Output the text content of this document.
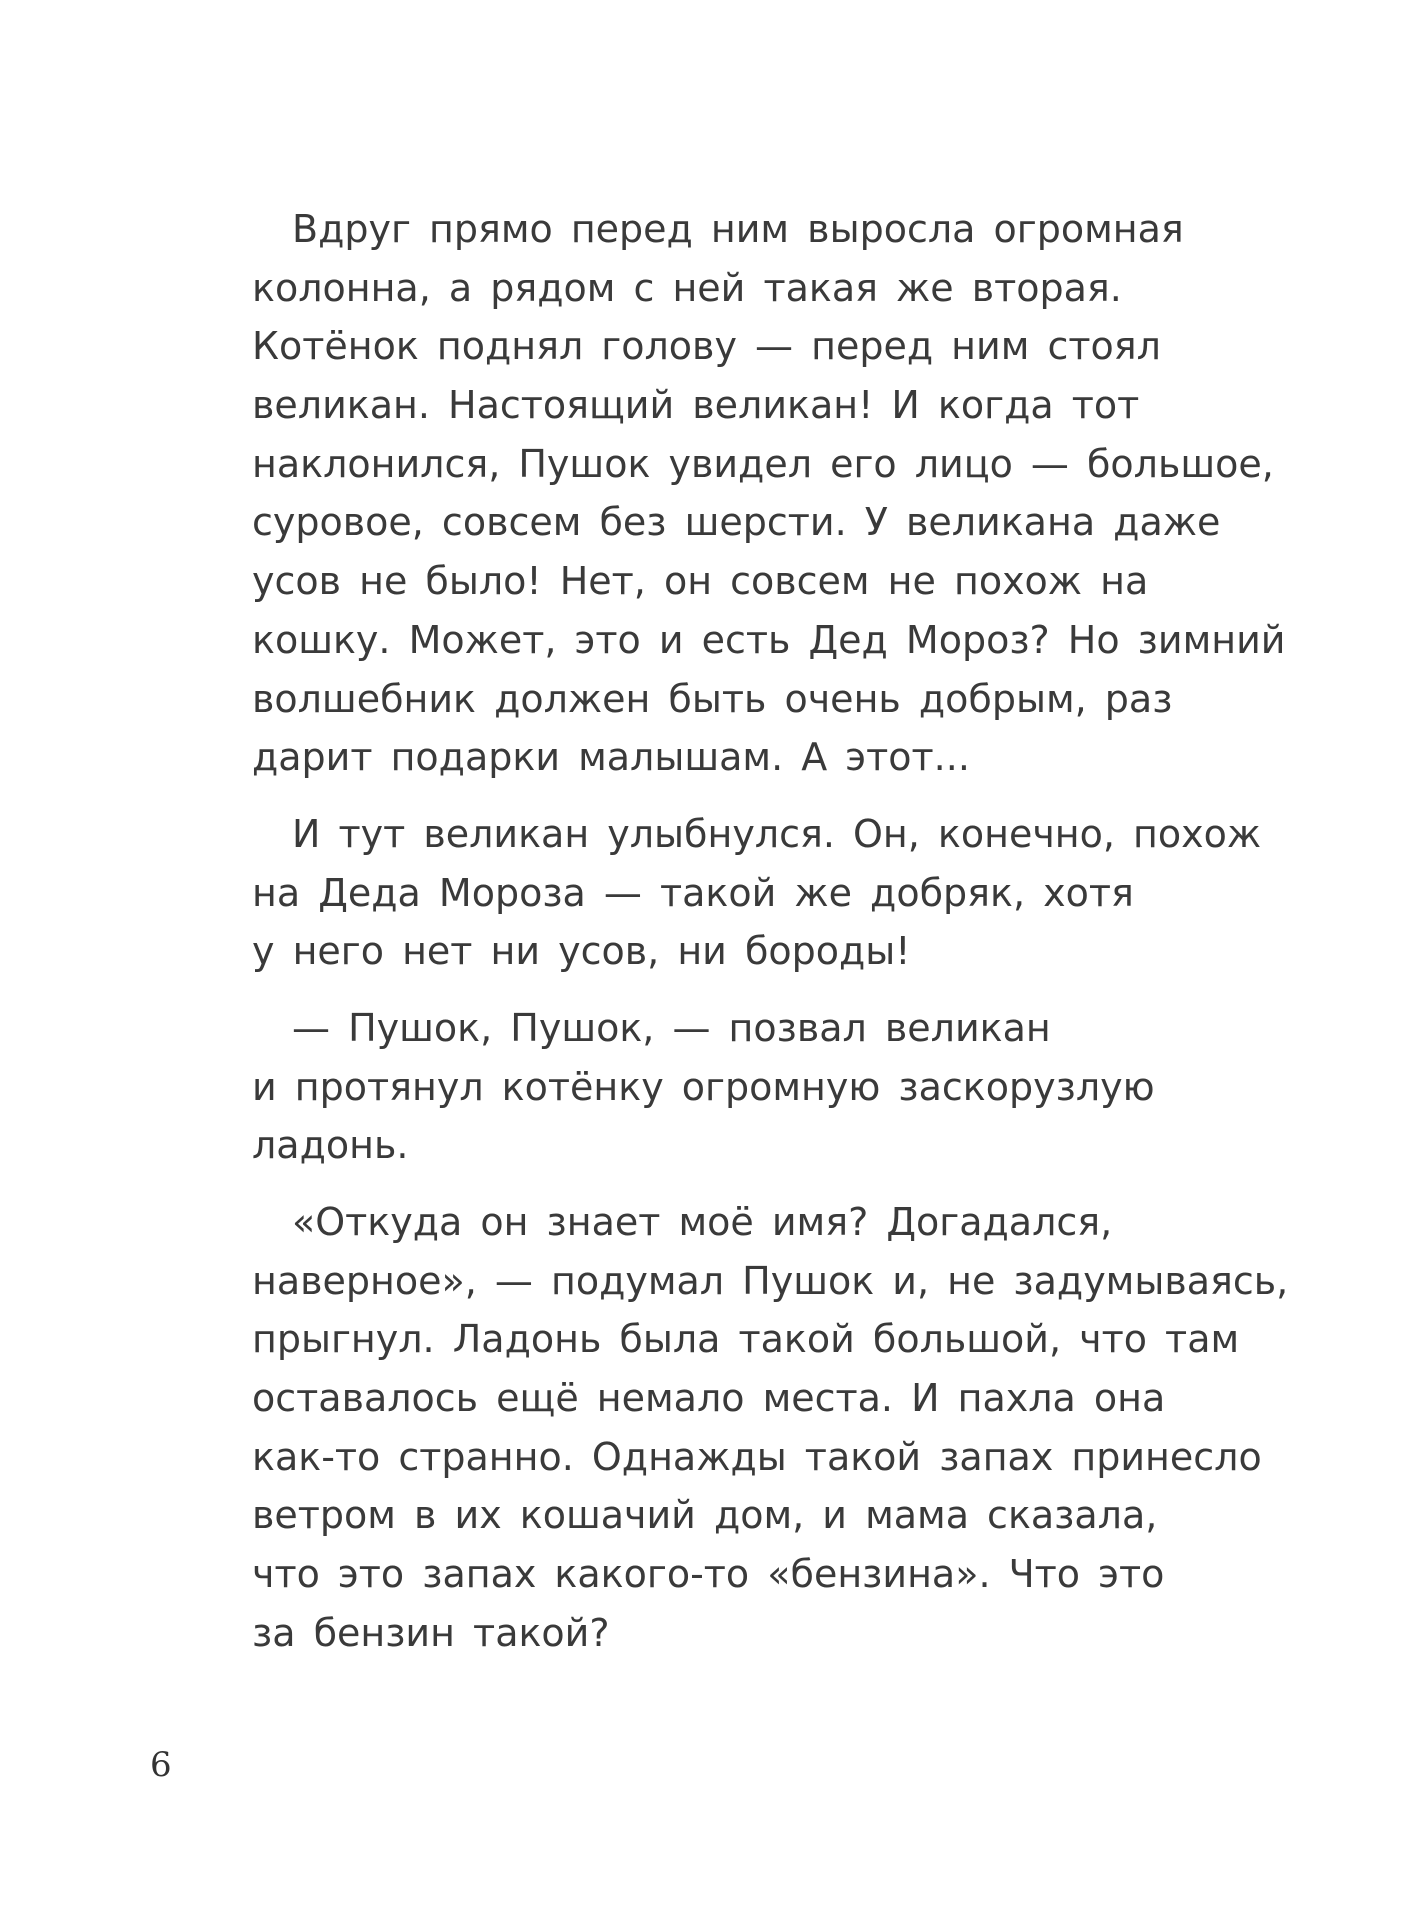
Вдруг прямо перед ним выросла огромная
колонна, а рядом с ней такая же вторая.
Котёнок поднял голову — перед ним стоял
великан. Настоящий великан! И когда тот
наклонился, Пушок увидел его лицо — большое,
суровое, совсем без шерсти. У великана даже
усов не было! Нет, он совсем не похож на
кошку. Может, это и есть Дед Мороз? Но зимний
волшебник должен быть очень добрым, раз
дарит подарки малышам. А этот...
И тут великан улыбнулся. Он, конечно, похож
на Деда Мороза — такой же добряк, хотя
у него нет ни усов, ни бороды!
— Пушок, Пушок, — позвал великан
и протянул котёнку огромную заскорузлую
ладонь.
«Откуда он знает моё имя? Догадался,
наверное», — подумал Пушок и, не задумываясь,
прыгнул. Ладонь была такой большой, что там
оставалось ещё немало места. И пахла она
как-то странно. Однажды такой запах принесло
ветром в их кошачий дом, и мама сказала,
что это запах какого-то «бензина». Что это
за бензин такой?
6
